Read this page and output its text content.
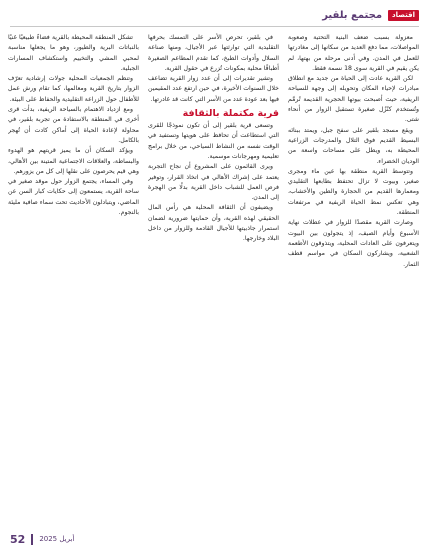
اقتصاد
مجتمع بلقير

معزولة بسبب ضعف البنية التحتية وصعوبة المواصلات، مما دفع العديد من سكانها إلى مغادرتها للعمل في المدن. وفي أدنى مرحلة من بهتها، لم يكن يقيم في القرية سوى 18 نسمة فقط.

لكن القرية عادت إلى الحياة من جديد مع انطلاق مبادرات لإحياء المكان وتحويله إلى وجهة للسياحة الريفية، حيث أصبحت بيوتها الحجرية القديمة تُرمَّم وتُستخدم كنُزُل صغيرة تستقبل الزوار من أنحاء شتى.

ويقع مسجد بلقير على سفح جبل، ويمتد ببنائه البسيط القديم فوق التلال والمدرجات الزراعية المحيطة به، ويطل على مساحات واسعة من الوديان الخضراء.

وتتوسط القرية منطقة بها عين ماء ومجرى صغير، وبيوت لا تزال تحتفظ بطابعها التقليدي ومعمارها القديم من الحجارة والطين والأخشاب، وهي تعكس نمط الحياة الريفية في مرتفعات المنطقة.

وصارت القرية مقصدًا للزوار في عطلات نهاية الأسبوع وأيام الصيف، إذ يتجولون بين البيوت ويتعرفون على العادات المحلية، ويتذوقون الأطعمة الشعبية، ويشاركون السكان في مواسم قطف الثمار.

في بلقير، تحرص الأسر على التمسك بحرفها التقليدية التي توارثتها عبر الأجيال، ومنها صناعة السلال وأدوات الطبخ، كما تقدم المطاعم الصغيرة أطباقًا محلية بمكونات تُزرع في حقول القرية.

وتشير تقديرات إلى أن عدد زوار القرية تضاعف خلال السنوات الأخيرة، في حين ارتفع عدد المقيمين فيها بعد عودة عدد من الأسر التي كانت قد غادرتها.

قرية مكتملة بالثقافة

وتسعى قرية بلقير إلى أن تكون نموذجًا للقرى التي استطاعت أن تحافظ على هويتها وتستفيد في الوقت نفسه من النشاط السياحي، من خلال برامج تعليمية ومهرجانات موسمية.

ويرى القائمون على المشروع أن نجاح التجربة يعتمد على إشراك الأهالي في اتخاذ القرار، وتوفير فرص العمل للشباب داخل القرية بدلًا من الهجرة إلى المدن.

ويضيفون أن الثقافة المحلية هي رأس المال الحقيقي لهذه القرية، وأن حمايتها ضرورية لضمان استمرار جاذبيتها للأجيال القادمة وللزوار من داخل البلاد وخارجها.

تشكل المنطقة المحيطة بالقرية فضاءً طبيعيًا غنيًا بالنباتات البرية والطيور، وهو ما يجعلها مناسبة لمحبي المشي والتخييم واستكشاف المسارات الجبلية.

وتنظم الجمعيات المحلية جولات إرشادية تعرّف الزوار بتاريخ القرية ومعالمها، كما تقام ورش عمل للأطفال حول الزراعة التقليدية والحفاظ على البيئة.

ومع ازدياد الاهتمام بالسياحة الريفية، بدأت قرى أخرى في المنطقة بالاستفادة من تجربة بلقير، في محاولة لإعادة الحياة إلى أماكن كادت أن تُهجر بالكامل.

ويؤكد السكان أن ما يميز قريتهم هو الهدوء والبساطة، والعلاقات الاجتماعية المتينة بين الأهالي، وهي قيم يحرصون على نقلها إلى كل من يزورهم.

وفي المساء، يجتمع الزوار حول موقد صغير في ساحة القرية، يستمعون إلى حكايات كبار السن عن الماضي، ويتبادلون الأحاديث تحت سماء صافية مليئة بالنجوم.

52 أبريل 2025
